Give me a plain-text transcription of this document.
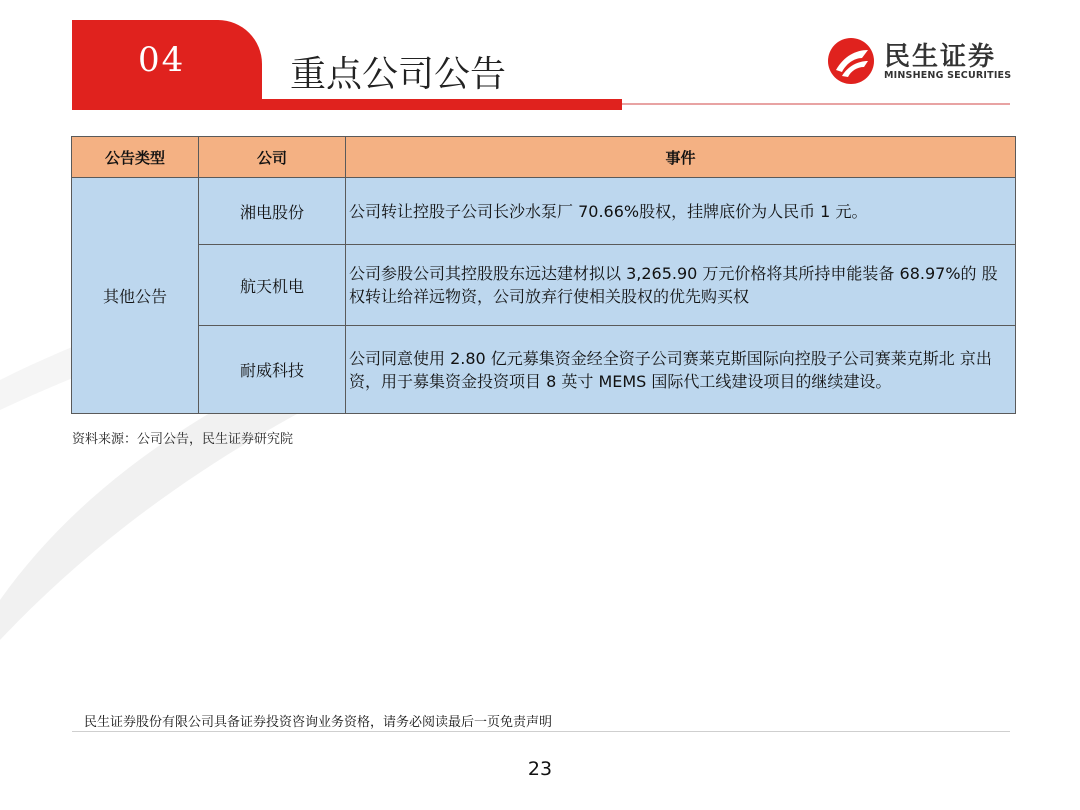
04	重点公司公告	民生证券
MINSHENG SECURITIES
公告类型	公司	事件
其他公告	湘电股份	公司转让控股子公司长沙水泵厂 70.66%股权，挂牌底价为人民币 1 元。
	航天机电	公司参股公司其控股股东远达建材拟以 3,265.90 万元价格将其所持申能装备 68.97%的 股权转让给祥远物资，公司放弃行使相关股权的优先购买权
	耐威科技	公司同意使用 2.80 亿元募集资金经全资子公司赛莱克斯国际向控股子公司赛莱克斯北 京出资，用于募集资金投资项目 8 英寸 MEMS 国际代工线建设项目的继续建设。
资料来源：公司公告，民生证券研究院
民生证券股份有限公司具备证券投资咨询业务资格，请务必阅读最后一页免责声明
23
